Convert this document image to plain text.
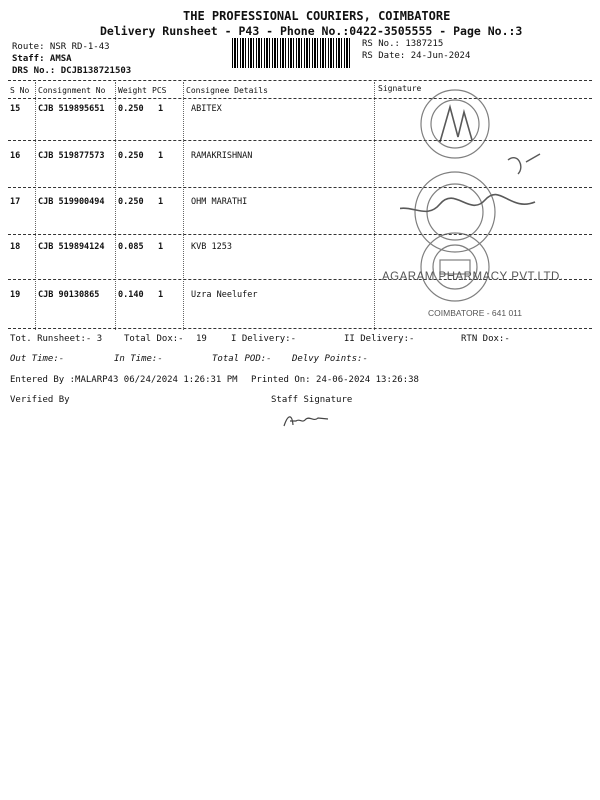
THE PROFESSIONAL COURIERS, COIMBATORE
Delivery Runsheet - P43 - Phone No.:0422-3505555 - Page No.:3
Route: NSR RD-1-43
Staff: AMSA
DRS No.: DCJB138721503
RS No.: 1387215
RS Date: 24-Jun-2024
S No Consignment No Weight PCS Consignee Details	Signature
15 CJB 519895651 0.250 1	ABITEX
16 CJB 519877573 0.250 1	RAMAKRISHNAN
17 CJB 519900494 0.250 1	OHM MARATHI
18 CJB 519894124 0.085 1	KVB 1253
19 CJB 90130865 0.140 1	Uzra Neelufer
AGARAM PHARMACY PVT.LTD.
COIMBATORE - 641 011
Tot. Runsheet:- 3 Total Dox:- 19	I Delivery:-	II Delivery:-	RTN Dox:-
Out Time:-	In Time:-	Total POD:- Delvy Points:-
Entered By :MALARP43 06/24/2024 1:26:31 PM Printed On: 24-06-2024 13:26:38
Verified By	Staff Signature
